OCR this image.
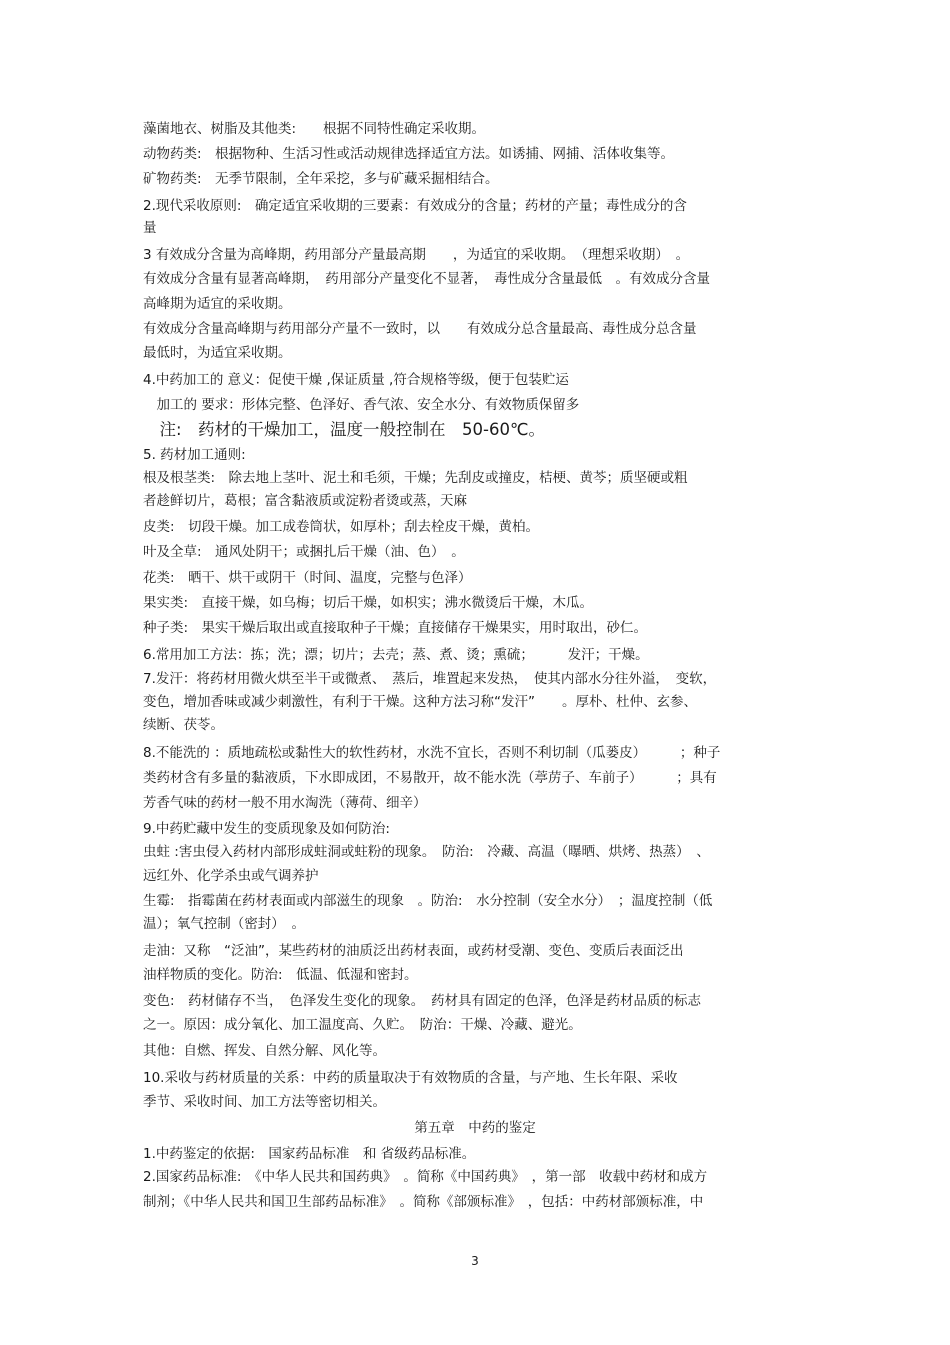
藻菌地衣、树脂及其他类:　　根据不同特性确定采收期。
动物药类:　根据物种、生活习性或活动规律选择适宜方法。如诱捕、网捕、活体收集等。
矿物药类:　无季节限制，全年采挖，多与矿藏采掘相结合。
2.现代采收原则:　确定适宜采收期的三要素：有效成分的含量；药材的产量；毒性成分的含
量
3 有效成分含量为高峰期，药用部分产量最高期　　，为适宜的采收期。　（理想采收期）　。
有效成分含量有显著高峰期，　药用部分产量变化不显著，　毒性成分含量最低　。有效成分含量
高峰期为适宜的采收期。
有效成分含量高峰期与药用部分产量不一致时，以　　有效成分总含量最高、毒性成分总含量
最低时，为适宜采收期。
4.中药加工的 意义：促使干燥 ,保证质量 ,符合规格等级，便于包装贮运
　加工的 要求：形体完整、色泽好、香气浓、安全水分、有效物质保留多
　注:　药材的干燥加工，温度一般控制在　50-60℃。
5. 药材加工通则:
根及根茎类:　除去地上茎叶、泥土和毛须，干燥；先刮皮或撞皮，桔梗、黄芩；质坚硬或粗
者趁鲜切片，葛根；富含黏液质或淀粉者烫或蒸，天麻
皮类:　切段干燥。加工成卷筒状，如厚朴；刮去栓皮干燥，黄柏。
叶及全草:　通风处阴干；或捆扎后干燥（油、色）　。
花类:　晒干、烘干或阴干（时间、温度，完整与色泽）
果实类:　直接干燥，如乌梅；切后干燥，如枳实；沸水微烫后干燥，木瓜。
种子类:　果实干燥后取出或直接取种子干燥；直接储存干燥果实，用时取出，砂仁。
6.常用加工方法：拣；洗；漂；切片；去壳；蒸、煮、烫；熏硫；　　　发汗；干燥。
7.发汗：将药材用微火烘至半干或微煮、　蒸后，堆置起来发热，　使其内部水分往外溢，　变软，
变色，增加香味或减少刺激性，有利于干燥。这种方法习称“发汗”　　。厚朴、杜仲、玄参、
续断、茯苓。
8.不能洗的 ：质地疏松或黏性大的软性药材，水洗不宜长，否则不利切制（瓜蒌皮）　　　；种子
类药材含有多量的黏液质，下水即成团，不易散开，故不能水洗（葶苈子、车前子）　　　；具有
芳香气味的药材一般不用水淘洗（薄荷、细辛）
9.中药贮藏中发生的变质现象及如何防治:
虫蛀 :害虫侵入药材内部形成蛀洞或蛀粉的现象。　防治:　冷藏、高温（曝晒、烘烤、热蒸）　、
远红外、化学杀虫或气调养护
生霉:　指霉菌在药材表面或内部滋生的现象　。防治:　水分控制（安全水分）　；温度控制（低
温）；氧气控制（密封）　。
走油：又称　“泛油”，某些药材的油质泛出药材表面，或药材受潮、变色、变质后表面泛出
油样物质的变化。防治:　低温、低湿和密封。
变色:　药材储存不当，　色泽发生变化的现象。　药材具有固定的色泽，色泽是药材品质的标志
之一。原因：成分氧化、加工温度高、久贮。　防治：干燥、冷藏、避光。
其他：自燃、挥发、自然分解、风化等。
10.采收与药材质量的关系：中药的质量取决于有效物质的含量，与产地、生长年限、采收
季节、采收时间、加工方法等密切相关。
第五章　中药的鉴定
1.中药鉴定的依据:　国家药品标准　和 省级药品标准。
2.国家药品标准:　《中华人民共和国药典》　。简称《中国药典》　，第一部　收载中药材和成方
制剂；《中华人民共和国卫生部药品标准》　。简称《部颁标准》　，包括：中药材部颁标准，中
3
